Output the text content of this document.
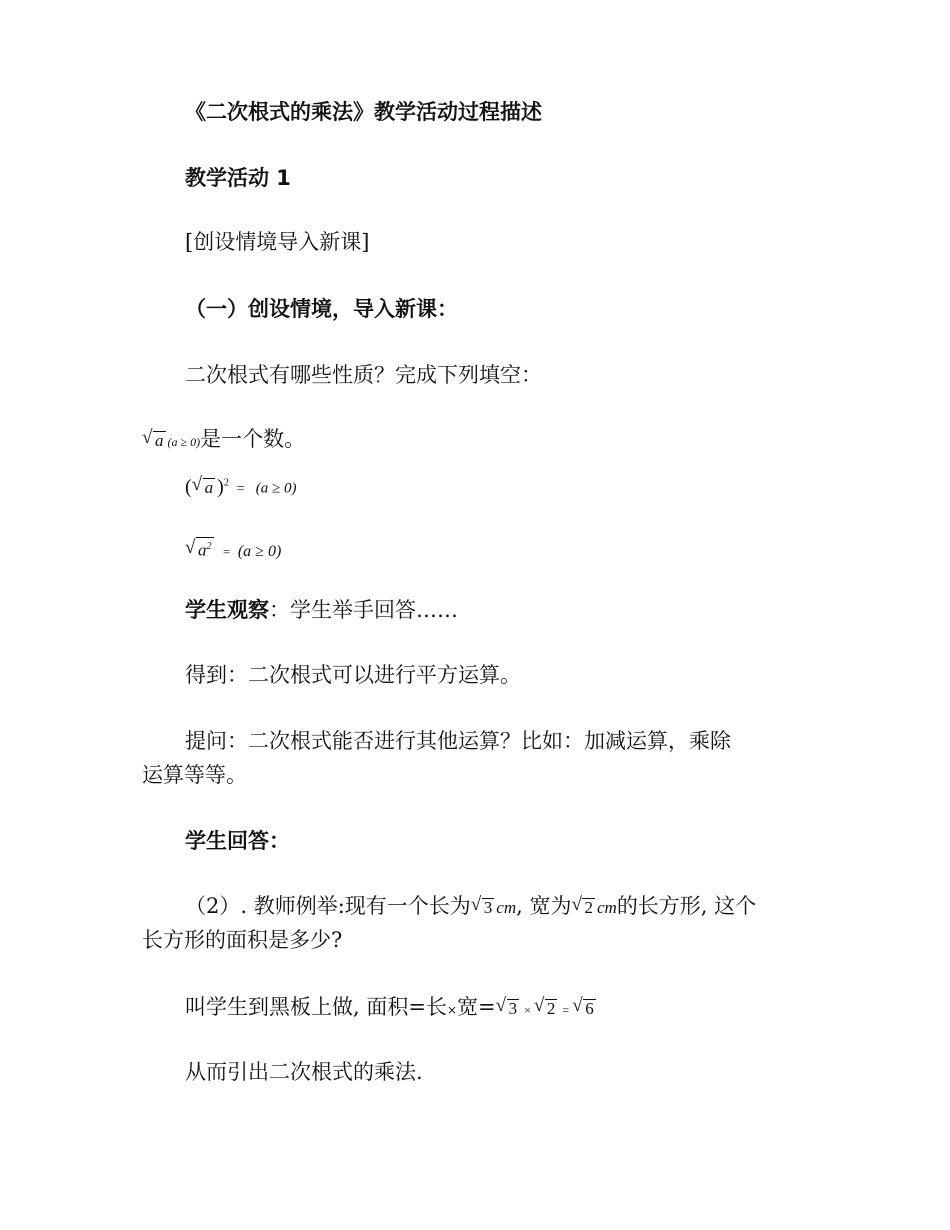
《二次根式的乘法》教学活动过程描述
教学活动 1
[创设情境导入新课]
（一）创设情境，导入新课：
二次根式有哪些性质？完成下列填空：
√ a (a ≥ 0)是一个数。
( √ a )$^2$  =   (a ≥ 0)
√ $a^2 = (a \ge 0)$
学生观察：学生举手回答……
得到：二次根式可以进行平方运算。
提问：二次根式能否进行其他运算？比如：加减运算，乘除
运算等等。
学生回答：
（2）. 教师例举:现有一个长为 √ 3 cm, 宽为 √ 2 cm的长方形, 这个
长方形的面积是多少?
叫学生到黑板上做, 面积=长×宽= √ 3 × √ 2 = √ 6
从而引出二次根式的乘法.
